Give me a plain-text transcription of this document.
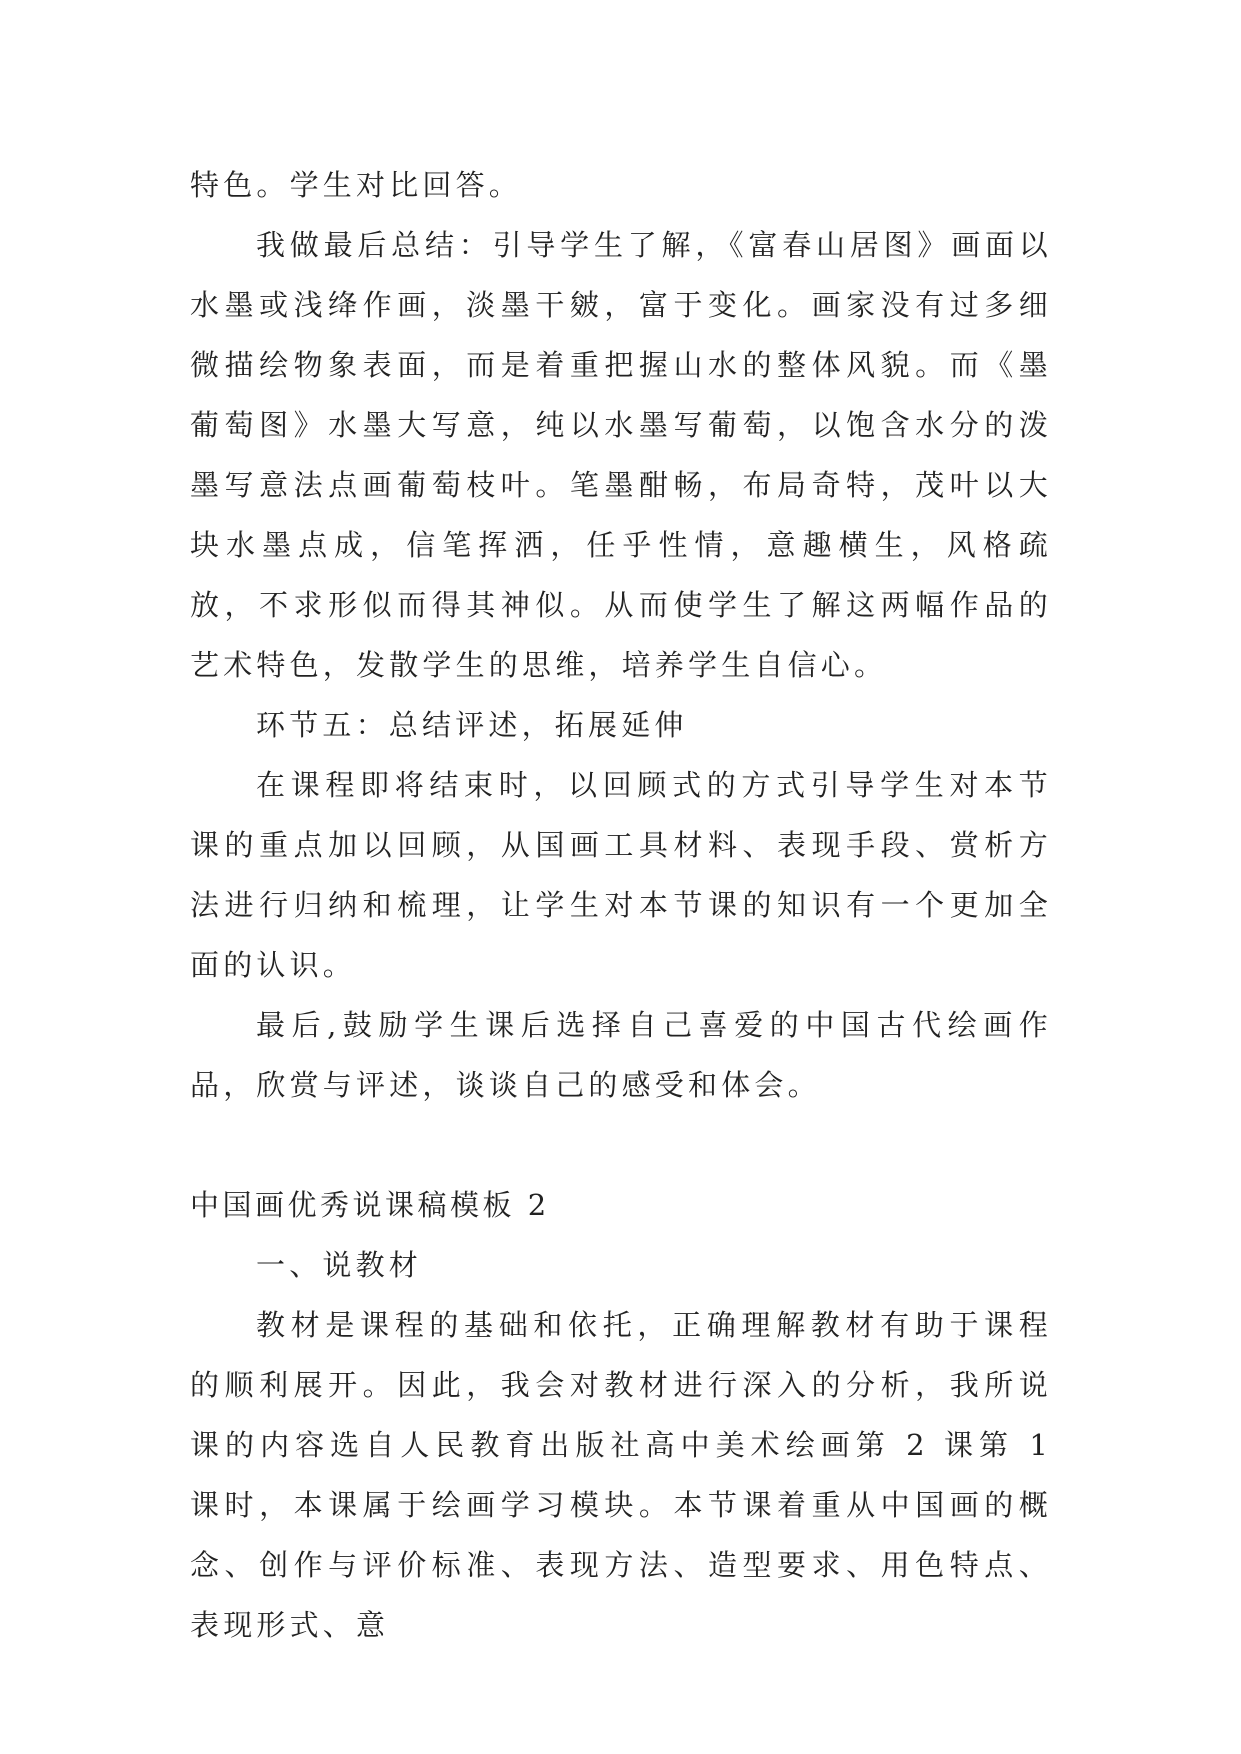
特色。学生对比回答。

我做最后总结：引导学生了解，《富春山居图》画面以水墨或浅绛作画，淡墨干皴，富于变化。画家没有过多细微描绘物象表面，而是着重把握山水的整体风貌。而《墨葡萄图》水墨大写意，纯以水墨写葡萄，以饱含水分的泼墨写意法点画葡萄枝叶。笔墨酣畅，布局奇特，茂叶以大块水墨点成，信笔挥洒，任乎性情，意趣横生，风格疏放，不求形似而得其神似。从而使学生了解这两幅作品的艺术特色，发散学生的思维，培养学生自信心。

环节五：总结评述，拓展延伸

在课程即将结束时，以回顾式的方式引导学生对本节课的重点加以回顾，从国画工具材料、表现手段、赏析方法进行归纳和梳理，让学生对本节课的知识有一个更加全面的认识。

最后,鼓励学生课后选择自己喜爱的中国古代绘画作品，欣赏与评述，谈谈自己的感受和体会。

中国画优秀说课稿模板 2

一、说教材

教材是课程的基础和依托，正确理解教材有助于课程的顺利展开。因此，我会对教材进行深入的分析，我所说课的内容选自人民教育出版社高中美术绘画第 2 课第 1 课时，本课属于绘画学习模块。本节课着重从中国画的概念、创作与评价标准、表现方法、造型要求、用色特点、表现形式、意
